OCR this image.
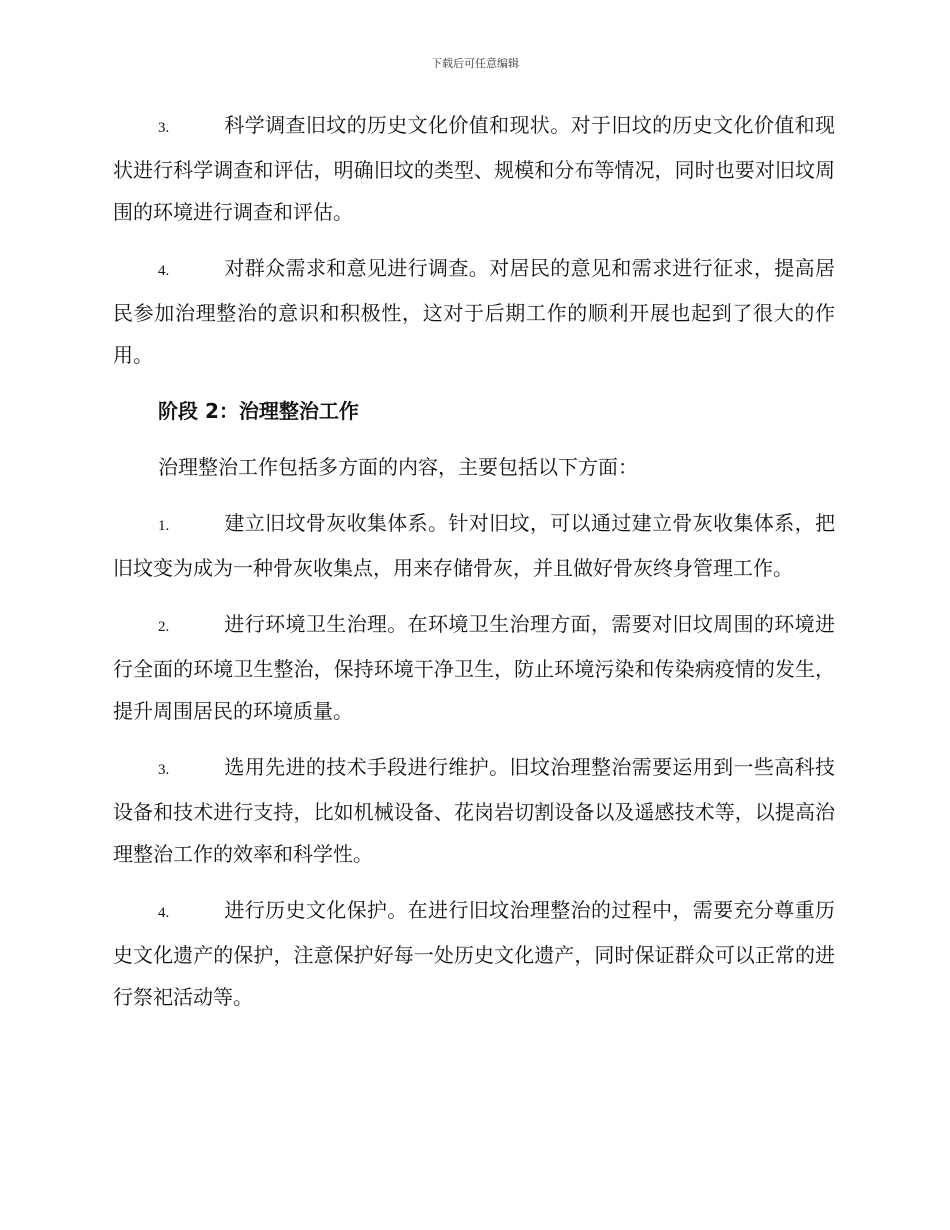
下载后可任意编辑

3.	科学调查旧坟的历史文化价值和现状。对于旧坟的历史文化价值和现状进行科学调查和评估，明确旧坟的类型、规模和分布等情况，同时也要对旧坟周围的环境进行调查和评估。

4.	对群众需求和意见进行调查。对居民的意见和需求进行征求，提高居民参加治理整治的意识和积极性，这对于后期工作的顺利开展也起到了很大的作用。

阶段 2：治理整治工作

治理整治工作包括多方面的内容，主要包括以下方面：

1.	建立旧坟骨灰收集体系。针对旧坟，可以通过建立骨灰收集体系，把旧坟变为成为一种骨灰收集点，用来存储骨灰，并且做好骨灰终身管理工作。

2.	进行环境卫生治理。在环境卫生治理方面，需要对旧坟周围的环境进行全面的环境卫生整治，保持环境干净卫生，防止环境污染和传染病疫情的发生，提升周围居民的环境质量。

3.	选用先进的技术手段进行维护。旧坟治理整治需要运用到一些高科技设备和技术进行支持，比如机械设备、花岗岩切割设备以及遥感技术等，以提高治理整治工作的效率和科学性。

4.	进行历史文化保护。在进行旧坟治理整治的过程中，需要充分尊重历史文化遗产的保护，注意保护好每一处历史文化遗产，同时保证群众可以正常的进行祭祀活动等。
